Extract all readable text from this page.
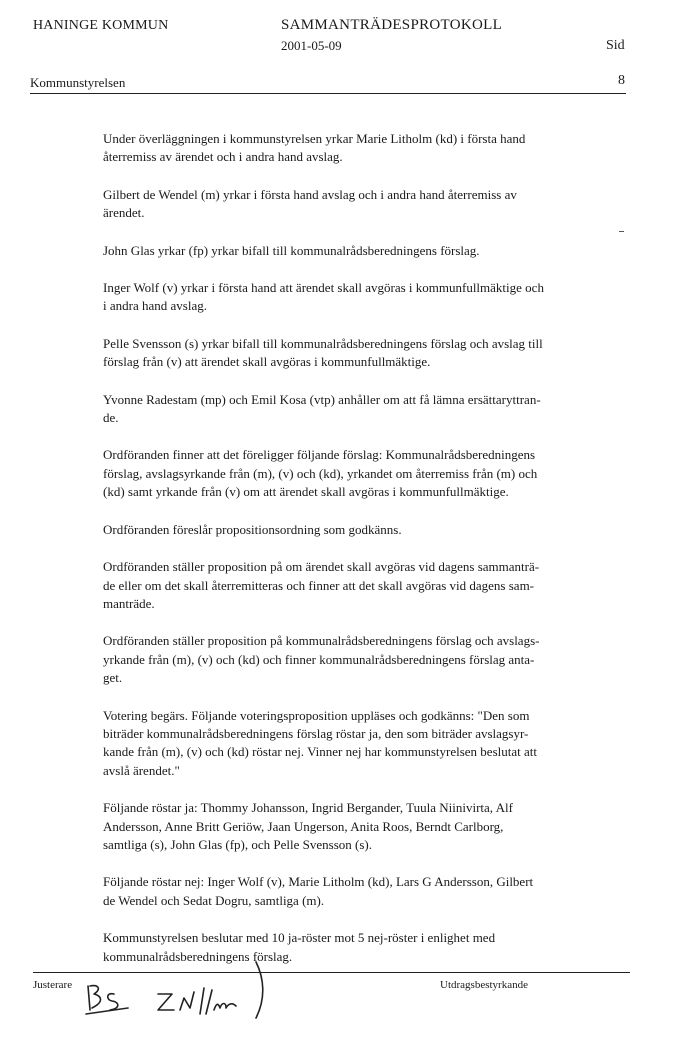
HANINGE KOMMUN	SAMMANTRÄDESPROTOKOLL
2001-05-09	Sid
Kommunstyrelsen	8
Under överläggningen i kommunstyrelsen yrkar Marie Litholm (kd) i första hand
återremiss av ärendet och i andra hand avslag.
Gilbert de Wendel (m) yrkar i första hand avslag och i andra hand återremiss av
ärendet.
John Glas yrkar (fp) yrkar bifall till kommunalrådsberedningens förslag.
Inger Wolf (v) yrkar i första hand att ärendet skall avgöras i kommunfullmäktige och
i andra hand avslag.
Pelle Svensson (s) yrkar bifall till kommunalrådsberedningens förslag och avslag till
förslag från (v) att ärendet skall avgöras i kommunfullmäktige.
Yvonne Radestam (mp) och Emil Kosa (vtp) anhåller om att få lämna ersättaryttran-
de.
Ordföranden finner att det föreligger följande förslag: Kommunalrådsberedningens
förslag, avslagsyrkande från (m), (v) och (kd), yrkandet om återremiss från (m) och
(kd) samt yrkande från (v) om att ärendet skall avgöras i kommunfullmäktige.
Ordföranden föreslår propositionsordning som godkänns.
Ordföranden ställer proposition på om ärendet skall avgöras vid dagens sammanträ-
de eller om det skall återremitteras och finner att det skall avgöras vid dagens sam-
manträde.
Ordföranden ställer proposition på kommunalrådsberedningens förslag och avslags-
yrkande från (m), (v) och (kd) och finner kommunalrådsberedningens förslag anta-
get.
Votering begärs. Följande voteringsproposition uppläses och godkänns: "Den som
biträder kommunalrådsberedningens förslag röstar ja, den som biträder avslagsyr-
kande från (m), (v) och (kd) röstar nej. Vinner nej har kommunstyrelsen beslutat att
avslå ärendet."
Följande röstar ja: Thommy Johansson, Ingrid Bergander, Tuula Niinivirta, Alf
Andersson, Anne Britt Geriöw, Jaan Ungerson, Anita Roos, Berndt Carlborg,
samtliga (s), John Glas (fp), och Pelle Svensson (s).
Följande röstar nej: Inger Wolf (v), Marie Litholm (kd), Lars G Andersson, Gilbert
de Wendel och Sedat Dogru, samtliga (m).
Kommunstyrelsen beslutar med 10 ja-röster mot 5 nej-röster i enlighet med
kommunalrådsberedningens förslag.
Justerare	Utdragsbestyrkande
